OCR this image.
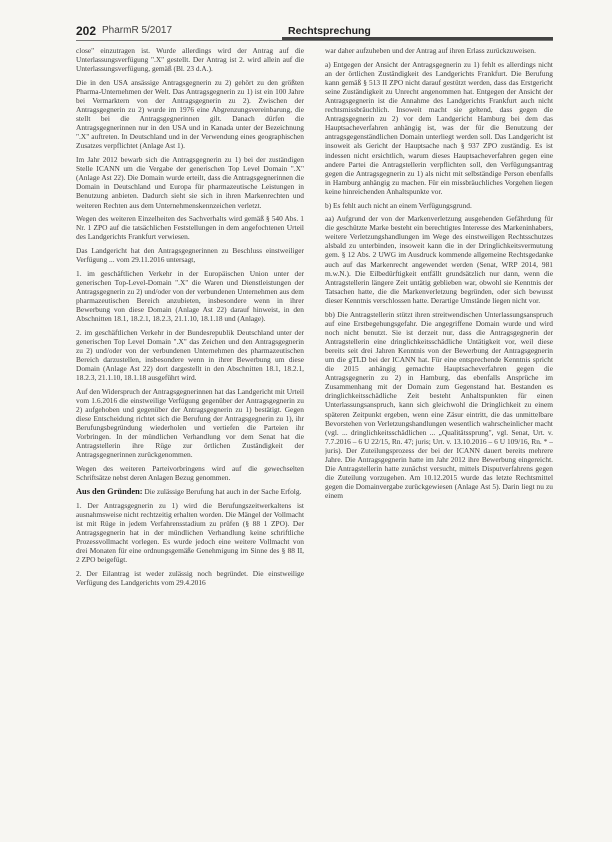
202 PharmR 5/2017	Rechtsprechung

close" einzutragen ist. Wurde allerdings wird der Antrag auf die Unterlassungsverfügung ".X" gestellt. Der Antrag ist 2. wird allein auf die Unterlassungsverfügung, gemäß (Bl. 23 d.A.).

Die in den USA ansässige Antragsgegnerin zu 2) gehört zu den größten Pharma-Unternehmen der Welt. Das Antragsgegnerin zu 1) ist ein 100 Jahre bei Vermarktern von der Antragsgegnerin zu 2). Zwischen der Antragsgegnerin zu 2) wurde im 1976 eine Abgrenzungsvereinbarung, die stellt bei die Antragsgegnerinnen gilt. Danach dürfen die Antragsgegnerinnen nur in den USA und in Kanada unter der Bezeichnung ".X" auftreten. In Deutschland und in der Verwendung eines geographischen Zusatzes verpflichtet (Anlage Ast 1).

Im Jahr 2012 bewarb sich die Antragsgegnerin zu 1) bei der zuständigen Stelle ICANN um die Vergabe der generischen Top Level Domain ".X" (Anlage Ast 22). Die Domain wurde erteilt, dass die Antragsgegnerinnen die Domain in Deutschland und Europa für pharmazeutische Leistungen in Benutzung anbieten. Dadurch sieht sie sich in ihren Markenrechten und weiteren Rechten aus dem Unternehmenskennzeichen verletzt.

Wegen des weiteren Einzelheiten des Sachverhalts wird gemäß § 540 Abs. 1 Nr. 1 ZPO auf die tatsächlichen Feststellungen in dem angefochtenen Urteil des Landgerichts Frankfurt verwiesen.

Das Landgericht hat den Antragsgegnerinnen zu Beschluss einstweiliger Verfügung ... vom 29.11.2016 untersagt,

1. im geschäftlichen Verkehr in der Europäischen Union unter der generischen Top-Level-Domain ".X" die Waren und Dienstleistungen der Antragsgegnerin zu 2) und/oder von der verbundenen Unternehmen aus dem pharmazeutischen Bereich anzubieten, insbesondere wenn in ihrer Bewerbung von diese Domain (Anlage Ast 22) darauf hinweist, in den Abschnitten 18.1, 18.2.1, 18.2.3, 21.1.10, 18.1.18 und (Anlage).

2. im geschäftlichen Verkehr in der Bundesrepublik Deutschland unter der generischen Top Level Domain ".X" das Zeichen und den Antragsgegnerin zu 2) und/oder von der verbundenen Unternehmen des pharmazeutischen Bereich darzustellen, insbesondere wenn in ihrer Bewerbung um diese Domain (Anlage Ast 22) dort dargestellt in den Abschnitten 18.1, 18.2.1, 18.2.3, 21.1.10, 18.1.18 ausgeführt wird.

Auf den Widerspruch der Antragsgegnerinnen hat das Landgericht mit Urteil vom 1.6.2016 die einstweilige Verfügung gegenüber der Antragsgegnerin zu 2) aufgehoben und gegenüber der Antragsgegnerin zu 1) bestätigt. Gegen diese Entscheidung richtet sich die Berufung der Antragsgegnerin zu 1), ihr Berufungsbegründung wiederholen und vertiefen die Parteien ihr Vorbringen. In der mündlichen Verhandlung vor dem Senat hat die Antragstellerin ihre Rüge zur örtlichen Zuständigkeit der Antragsgegnerinnen zurückgenommen.

Wegen des weiteren Parteivorbringens wird auf die gewechselten Schriftsätze nebst deren Anlagen Bezug genommen.

Aus den Gründen: Die zulässige Berufung hat auch in der Sache Erfolg.

1. Der Antragsgegnerin zu 1) wird die Berufungszeitwerkaltens ist ausnahmsweise nicht rechtzeitig erhalten worden. Die Mängel der Vollmacht ist mit Rüge in jedem Verfahrensstadium zu prüfen (§ 88 1 ZPO). Der Antragsgegnerin hat in der mündlichen Verhandlung keine schriftliche Prozessvollmacht vorlegen. Es wurde jedoch eine weitere Vollmacht von drei Monaten für eine ordnungsgemäße Genehmigung im Sinne des § 88 II, 2 ZPO beigefügt.

2. Der Eilantrag ist weder zulässig noch begründet. Die einstweilige Verfügung des Landgerichts vom 29.4.2016

war daher aufzuheben und der Antrag auf ihren Erlass zurückzuweisen.

a) Entgegen der Ansicht der Antragsgegnerin zu 1) fehlt es allerdings nicht an der örtlichen Zuständigkeit des Landgerichts Frankfurt. Die Berufung kann gemäß § 513 II ZPO nicht darauf gestützt werden, dass das Erstgericht seine Zuständigkeit zu Unrecht angenommen hat. Entgegen der Ansicht der Antragsgegnerin ist die Annahme des Landgerichts Frankfurt auch nicht rechtsmissbräuchlich. Insoweit macht sie geltend, dass gegen die Antragsgegnerin zu 2) vor dem Landgericht Hamburg bei dem das Hauptsacheverfahren anhängig ist, was der für die Benutzung der antragsgegenständlichen Domain unterliegt werden soll. Das Landgericht ist insoweit als Gericht der Hauptsache nach § 937 ZPO zuständig. Es ist indessen nicht ersichtlich, warum dieses Hauptsacheverfahren gegen eine andere Partei die Antragstellerin verpflichten soll, den Verfügungsantrag gegen die Antragsgegnerin zu 1) als nicht mit selbständige Person ebenfalls in Hamburg anhängig zu machen. Für ein missbräuchliches Vorgehen liegen keine hinreichenden Anhaltspunkte vor.

b) Es fehlt auch nicht an einem Verfügungsgrund.

aa) Aufgrund der von der Markenverletzung ausgehenden Gefährdung für die geschützte Marke besteht ein berechtigtes Interesse des Markeninhabers, weitere Verletzungshandlungen im Wege des einstweiligen Rechtsschutzes alsbald zu unterbinden, insoweit kann die in der Dringlichkeitsvermutung gem. § 12 Abs. 2 UWG im Ausdruck kommende allgemeine Rechtsgedanke auch auf das Markenrecht angewendet werden (Senat, WRP 2014, 981 m.w.N.). Die Eilbedürftigkeit entfällt grundsätzlich nur dann, wenn die Antragstellerin längere Zeit untätig geblieben war, obwohl sie Kenntnis der Tatsachen hatte, die die Markenverletzung begründen, oder sich bewusst dieser Kenntnis verschlossen hatte. Derartige Umstände liegen nicht vor.

bb) Die Antragstellerin stützt ihren streitwendischen Unterlassungsanspruch auf eine Erstbegehungsgefahr. Die angegriffene Domain wurde und wird noch nicht benutzt. Sie ist derzeit nur, dass die Antragsgegnerin der Antragstellerin eine dringlichkeitsschädliche Untätigkeit vor, weil diese bereits seit drei Jahren Kenntnis von der Bewerbung der Antragsgegnerin um die gTLD bei der ICANN hat. Für eine entsprechende Kenntnis spricht die 2015 anhängig gemachte Hauptsacheverfahren gegen die Antragsgegnerin zu 2) in Hamburg, das ebenfalls Ansprüche im Zusammenhang mit der Domain zum Gegenstand hat. Bestanden es dringlichkeitsschädliche Zeit besteht Anhaltspunkten für einen Unterlassungsanspruch, kann sich gleichwohl die Dringlichkeit zu einem späteren Zeitpunkt ergeben, wenn eine Zäsur eintritt, die das unmittelbare Bevorstehen von Verletzungshandlungen wesentlich wahrscheinlicher macht (vgl. ... dringlichkeitsschädlichen ... „Qualitätssprung", vgl. Senat, Urt. v. 7.7.2016 – 6 U 22/15, Rn. 47; juris; Urt. v. 13.10.2016 – 6 U 109/16, Rn. * – juris). Der Zuteilungsprozess der bei der ICANN dauert bereits mehrere Jahre. Die Antragsgegnerin hatte im Jahr 2012 ihre Bewerbung eingereicht. Die Antragstellerin hatte zunächst versucht, mittels Disputverfahrens gegen die Zuteilung vorzugehen. Am 10.12.2015 wurde das letzte Rechtsmittel gegen die Domainvergabe zurückgewiesen (Anlage Ast 5). Darin liegt nu zu einem
